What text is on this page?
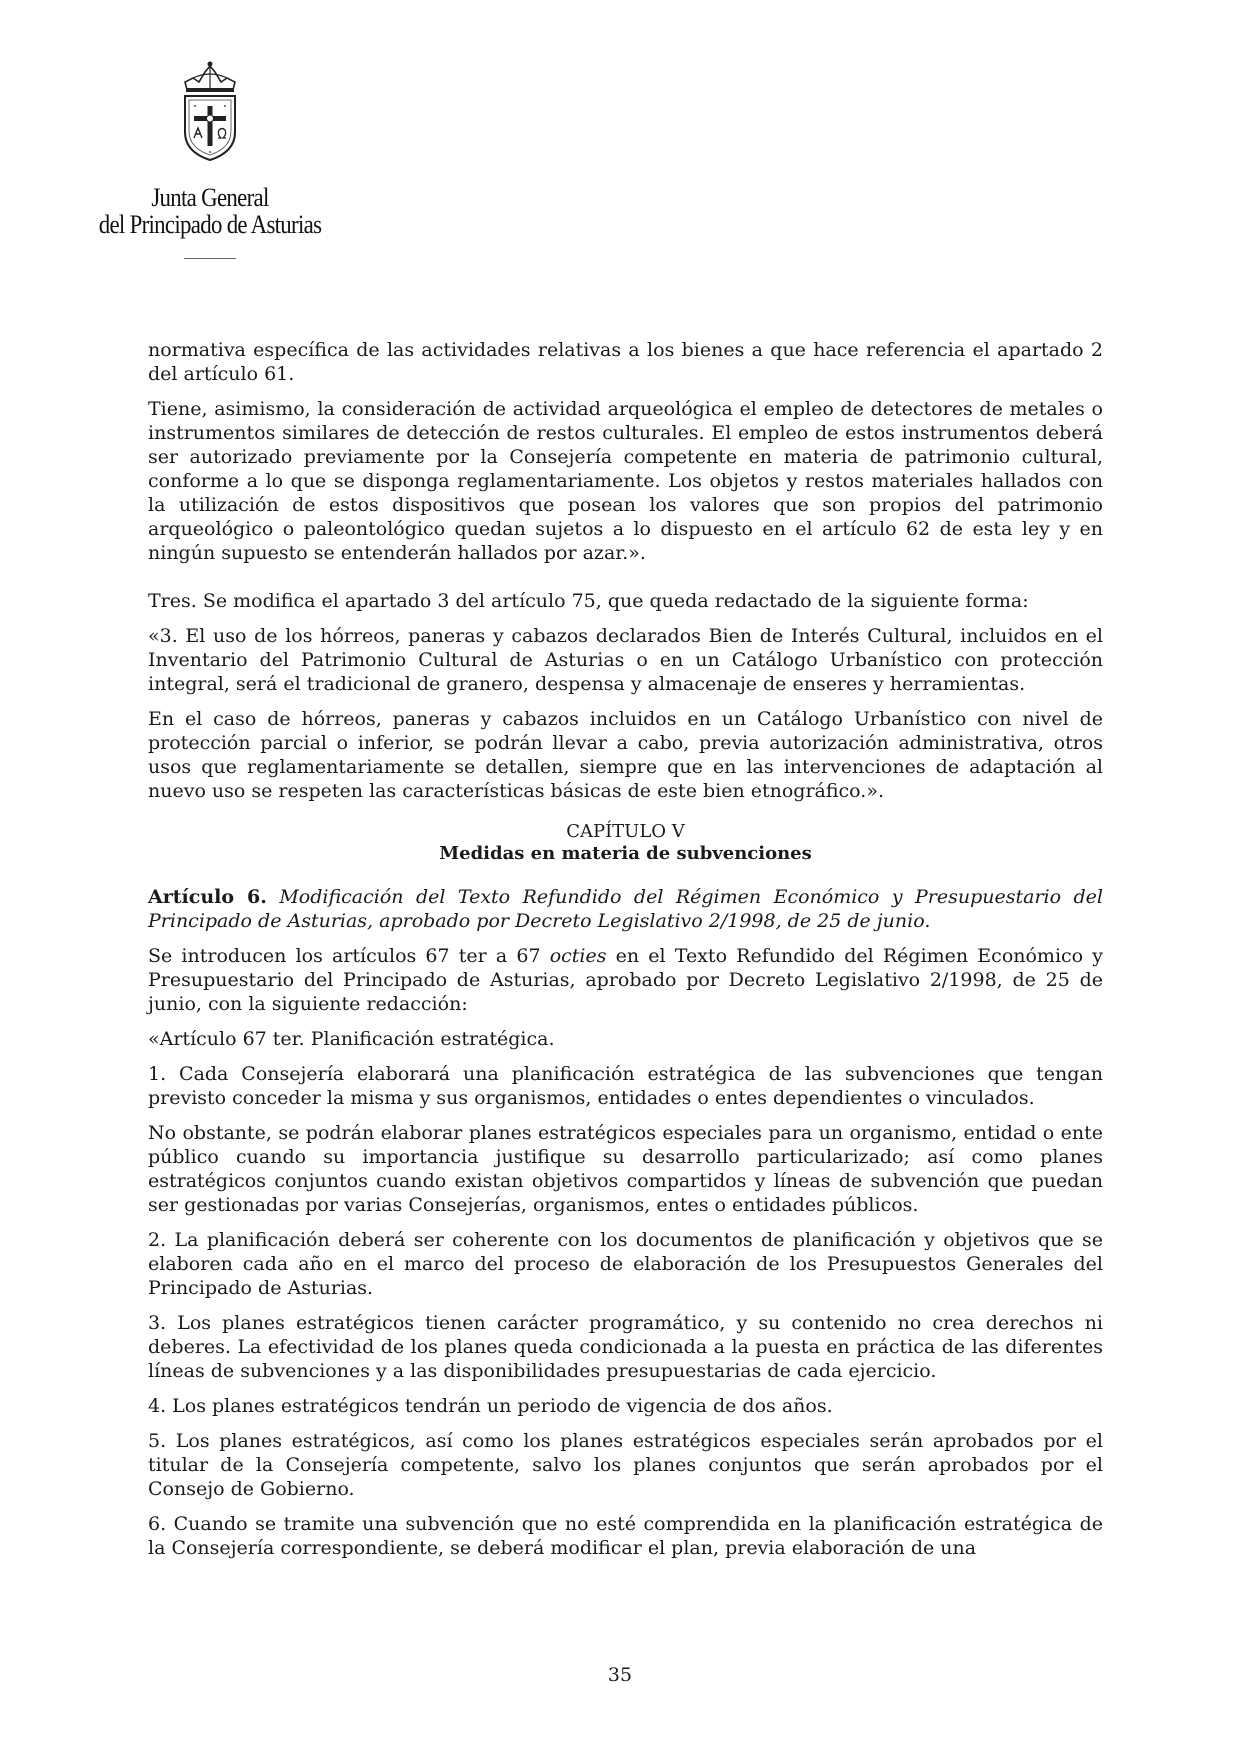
Junta General
del Principado de Asturias

normativa específica de las actividades relativas a los bienes a que hace referencia el apartado 2 del artículo 61.

Tiene, asimismo, la consideración de actividad arqueológica el empleo de detectores de metales o instrumentos similares de detección de restos culturales. El empleo de estos instrumentos deberá ser autorizado previamente por la Consejería competente en materia de patrimonio cultural, conforme a lo que se disponga reglamentariamente. Los objetos y restos materiales hallados con la utilización de estos dispositivos que posean los valores que son propios del patrimonio arqueológico o paleontológico quedan sujetos a lo dispuesto en el artículo 62 de esta ley y en ningún supuesto se entenderán hallados por azar.».

Tres. Se modifica el apartado 3 del artículo 75, que queda redactado de la siguiente forma:

«3. El uso de los hórreos, paneras y cabazos declarados Bien de Interés Cultural, incluidos en el Inventario del Patrimonio Cultural de Asturias o en un Catálogo Urbanístico con protección integral, será el tradicional de granero, despensa y almacenaje de enseres y herramientas.

En el caso de hórreos, paneras y cabazos incluidos en un Catálogo Urbanístico con nivel de protección parcial o inferior, se podrán llevar a cabo, previa autorización administrativa, otros usos que reglamentariamente se detallen, siempre que en las intervenciones de adaptación al nuevo uso se respeten las características básicas de este bien etnográfico.».

CAPÍTULO V
Medidas en materia de subvenciones

Artículo 6. Modificación del Texto Refundido del Régimen Económico y Presupuestario del Principado de Asturias, aprobado por Decreto Legislativo 2/1998, de 25 de junio.

Se introducen los artículos 67 ter a 67 octies en el Texto Refundido del Régimen Económico y Presupuestario del Principado de Asturias, aprobado por Decreto Legislativo 2/1998, de 25 de junio, con la siguiente redacción:

«Artículo 67 ter. Planificación estratégica.

1. Cada Consejería elaborará una planificación estratégica de las subvenciones que tengan previsto conceder la misma y sus organismos, entidades o entes dependientes o vinculados.

No obstante, se podrán elaborar planes estratégicos especiales para un organismo, entidad o ente público cuando su importancia justifique su desarrollo particularizado; así como planes estratégicos conjuntos cuando existan objetivos compartidos y líneas de subvención que puedan ser gestionadas por varias Consejerías, organismos, entes o entidades públicos.

2. La planificación deberá ser coherente con los documentos de planificación y objetivos que se elaboren cada año en el marco del proceso de elaboración de los Presupuestos Generales del Principado de Asturias.

3. Los planes estratégicos tienen carácter programático, y su contenido no crea derechos ni deberes. La efectividad de los planes queda condicionada a la puesta en práctica de las diferentes líneas de subvenciones y a las disponibilidades presupuestarias de cada ejercicio.

4. Los planes estratégicos tendrán un periodo de vigencia de dos años.

5. Los planes estratégicos, así como los planes estratégicos especiales serán aprobados por el titular de la Consejería competente, salvo los planes conjuntos que serán aprobados por el Consejo de Gobierno.

6. Cuando se tramite una subvención que no esté comprendida en la planificación estratégica de la Consejería correspondiente, se deberá modificar el plan, previa elaboración de una

35
